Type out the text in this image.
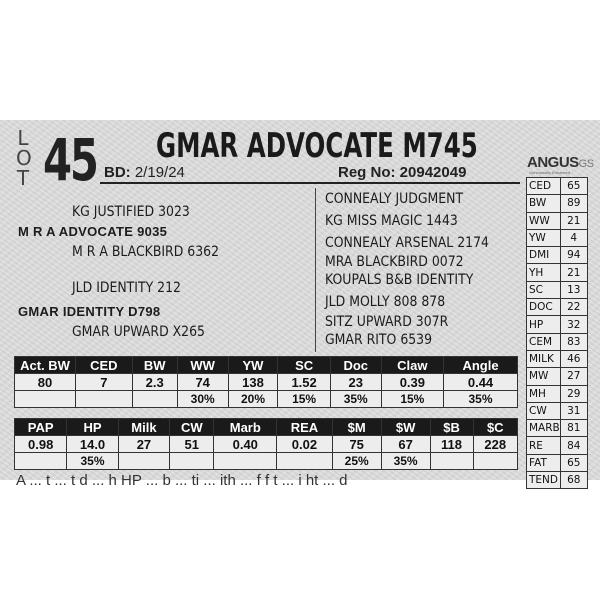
L
O
T 45 GMAR ADVOCATE M745
BD: 2/19/24	Reg No: 20942049
ANGUSGS
Genomically Enhanced
KG JUSTIFIED 3023
M R A ADVOCATE 9035
M R A BLACKBIRD 6362
JLD IDENTITY 212
GMAR IDENTITY D798
GMAR UPWARD X265
CONNEALY JUDGMENT
KG MISS MAGIC 1443
CONNEALY ARSENAL 2174
MRA BLACKBIRD 0072
KOUPALS B&B IDENTITY
JLD MOLLY 808 878
SITZ UPWARD 307R
GMAR RITO 6539
Act. BW	CED	BW	WW	YW	SC	Doc	Claw	Angle
80	7	2.3	74	138	1.52	23	0.39	0.44
			30%	20%	15%	35%	15%	35%
PAP	HP	Milk	CW	Marb	REA	$M	$W	$B	$C
0.98	14.0	27	51	0.40	0.02	75	67	118	228
	35%					25%	35%		
CED	65
BW	89
WW	21
YW	4
DMI	94
YH	21
SC	13
DOC	22
HP	32
CEM	83
MILK	46
MW	27
MH	29
CW	31
MARB	81
RE	84
FAT	65
TEND	68
A ... t ... t d ... h HP ... b ... ti ... ith ... f f t ... i ht ... d
